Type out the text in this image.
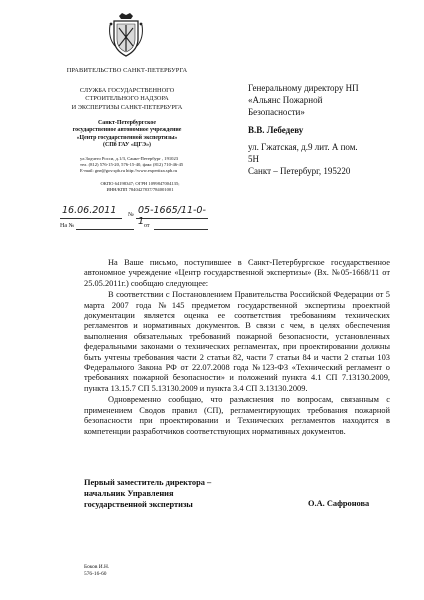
ПРАВИТЕЛЬСТВО САНКТ-ПЕТЕРБУРГА
СЛУЖБА ГОСУДАРСТВЕННОГО
СТРОИТЕЛЬНОГО НАДЗОРА
И ЭКСПЕРТИЗЫ САНКТ-ПЕТЕРБУРГА
Санкт-Петербургское
государственное автономное учреждение
«Центр государственной экспертизы»
(СПб ГАУ «ЦГЭ»)
ул.Зодчего Росси, д.1/3, Санкт-Петербург , 191023
тел. (812) 576-15-20, 576-15-40, факс (812) 710-46-45
E-mail: gne@gov.spb.ru http://www.expertiza.spb.ru
ОКПО 64198347; ОГРН 1099847004135;
ИНН/КПП 7840427837/784001001
16.06.2011 № 05-1665/11-0-1
На №	от

Генеральному директору НП

«Альянс Пожарной

Безопасности»

В.В. Лебедеву

ул. Гжатская, д.9 лит. А пом.

5Н

Санкт – Петербург, 195220

На Ваше письмо, поступившее в Санкт-Петербургское государственное автономное учреждение «Центр государственной экспертизы» (Вх. №05-1668/11 от 25.05.2011г.) сообщаю следующее:

В соответствии с Постановлением Правительства Российской Федерации от 5 марта 2007 года №145 предметом государственной экспертизы проектной документации является оценка ее соответствия требованиям технических регламентов и нормативных документов. В связи с чем, в целях обеспечения выполнения обязательных требований пожарной безопасности, установленных федеральными законами о технических регламентах, при проектировании должны быть учтены требования части 2 статьи 82, части 7 статьи 84 и части 2 статьи 103 Федерального Закона РФ от 22.07.2008 года №123-ФЗ «Технический регламент о требованиях пожарной безопасности» и положений пункта 4.1 СП 7.13130.2009, пункта 13.15.7 СП 5.13130.2009 и пункта 3.4 СП 3.13130.2009.

Одновременно сообщаю, что разъяснения по вопросам, связанным с применением Сводов правил (СП), регламентирующих требования пожарной безопасности при проектировании и Технических регламентов находится в компетенции разработчиков соответствующих нормативных документов.

Первый заместитель директора –

начальник Управления

государственной экспертизы	О.А. Сафронова

Боков И.Н.

576-16-60
